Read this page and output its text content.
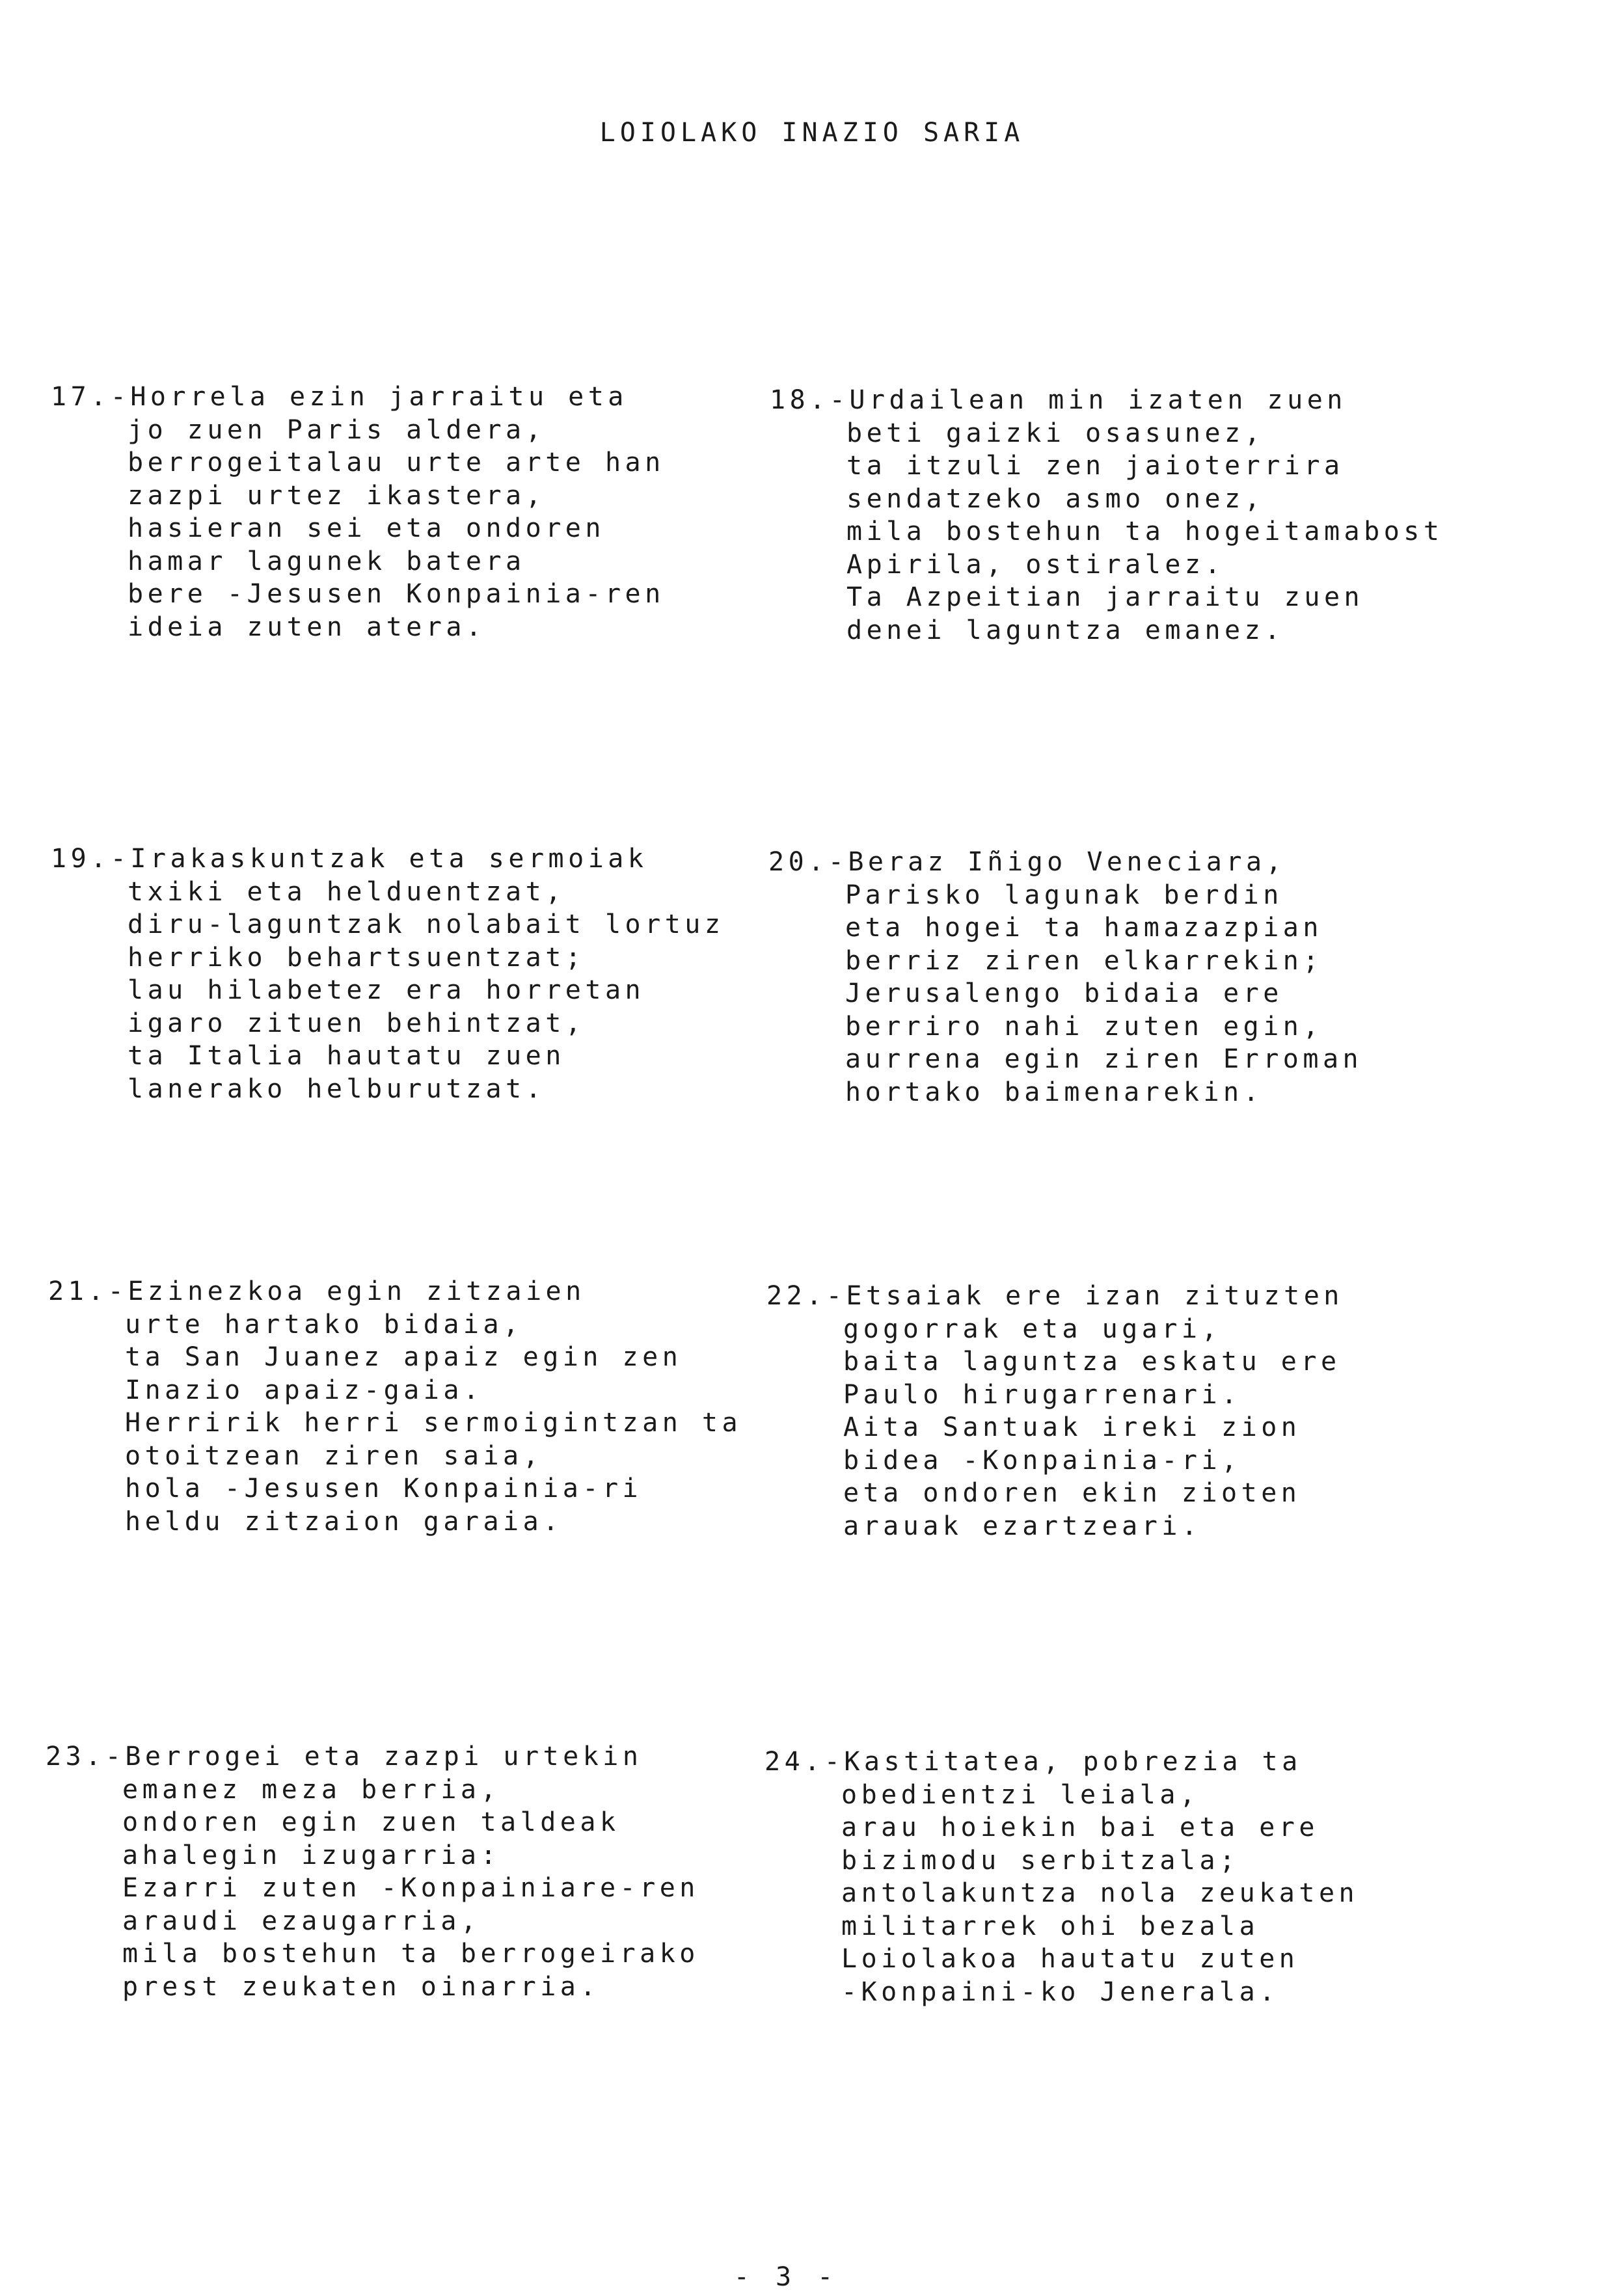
LOIOLAKO INAZIO SARIA
17.-Horrela ezin jarraitu eta
jo zuen Paris aldera,
berrogeitalau urte arte han
zazpi urtez ikastera,
hasieran sei eta ondoren
hamar lagunek batera
bere -Jesusen Konpainia-ren
ideia zuten atera.
18.-Urdailean min izaten zuen
beti gaizki osasunez,
ta itzuli zen jaioterrira
sendatzeko asmo onez,
mila bostehun ta hogeitamabost
Apirila, ostiralez.
Ta Azpeitian jarraitu zuen
denei laguntza emanez.
19.-Irakaskuntzak eta sermoiak
txiki eta helduentzat,
diru-laguntzak nolabait lortuz
herriko behartsuentzat;
lau hilabetez era horretan
igaro zituen behintzat,
ta Italia hautatu zuen
lanerako helburutzat.
20.-Beraz Iñigo Veneciara,
Parisko lagunak berdin
eta hogei ta hamazazpian
berriz ziren elkarrekin;
Jerusalengo bidaia ere
berriro nahi zuten egin,
aurrena egin ziren Erroman
hortako baimenarekin.
21.-Ezinezkoa egin zitzaien
urte hartako bidaia,
ta San Juanez apaiz egin zen
Inazio apaiz-gaia.
Herririk herri sermoigintzan ta
otoitzean ziren saia,
hola -Jesusen Konpainia-ri
heldu zitzaion garaia.
22.-Etsaiak ere izan zituzten
gogorrak eta ugari,
baita laguntza eskatu ere
Paulo hirugarrenari.
Aita Santuak ireki zion
bidea -Konpainia-ri,
eta ondoren ekin zioten
arauak ezartzeari.
23.-Berrogei eta zazpi urtekin
emanez meza berria,
ondoren egin zuen taldeak
ahalegin izugarria:
Ezarri zuten -Konpainiare-ren
araudi ezaugarria,
mila bostehun ta berrogeirako
prest zeukaten oinarria.
24.-Kastitatea, pobrezia ta
obedientzi leiala,
arau hoiekin bai eta ere
bizimodu serbitzala;
antolakuntza nola zeukaten
militarrek ohi bezala
Loiolakoa hautatu zuten
-Konpaini-ko Jenerala.
- 3 -
